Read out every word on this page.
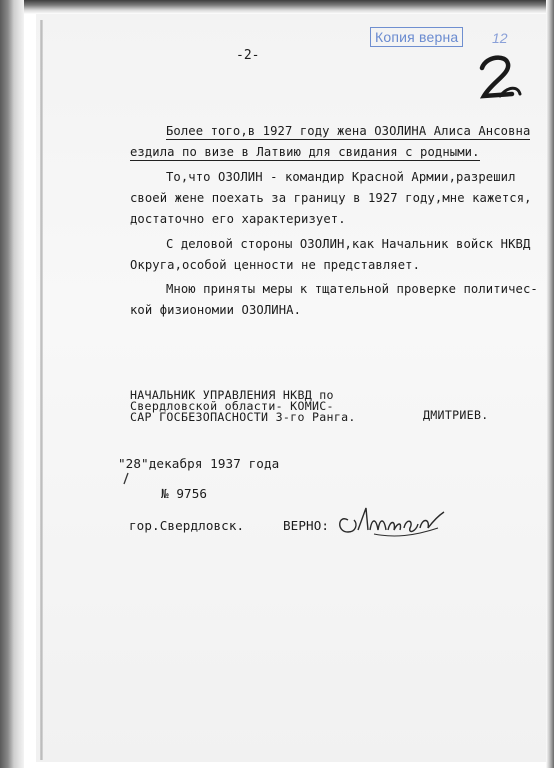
Копия верна	12
-2-
Более того,в 1927 году жена ОЗОЛИНА Алиса Ансовна
ездила по визе в Латвию для свидания с родными.
То,что ОЗОЛИН - командир Красной Армии,разрешил
своей жене поехать за границу в 1927 году,мне кажется,
достаточно его характеризует.
С деловой стороны ОЗОЛИН,как Начальник войск НКВД
Округа,особой ценности не представляет.
Мною приняты меры к тщательной проверке политичес-
кой физиономии ОЗОЛИНА.
НАЧАЛЬНИК УПРАВЛЕНИЯ НКВД по
Свердловской области- КОМИС-
САР ГОСБЕЗОПАСНОСТИ 3-го Ранга.	ДМИТРИЕВ.
"28"декабря 1937 года
№ 9756
гор.Свердловск.	ВЕРНО:
